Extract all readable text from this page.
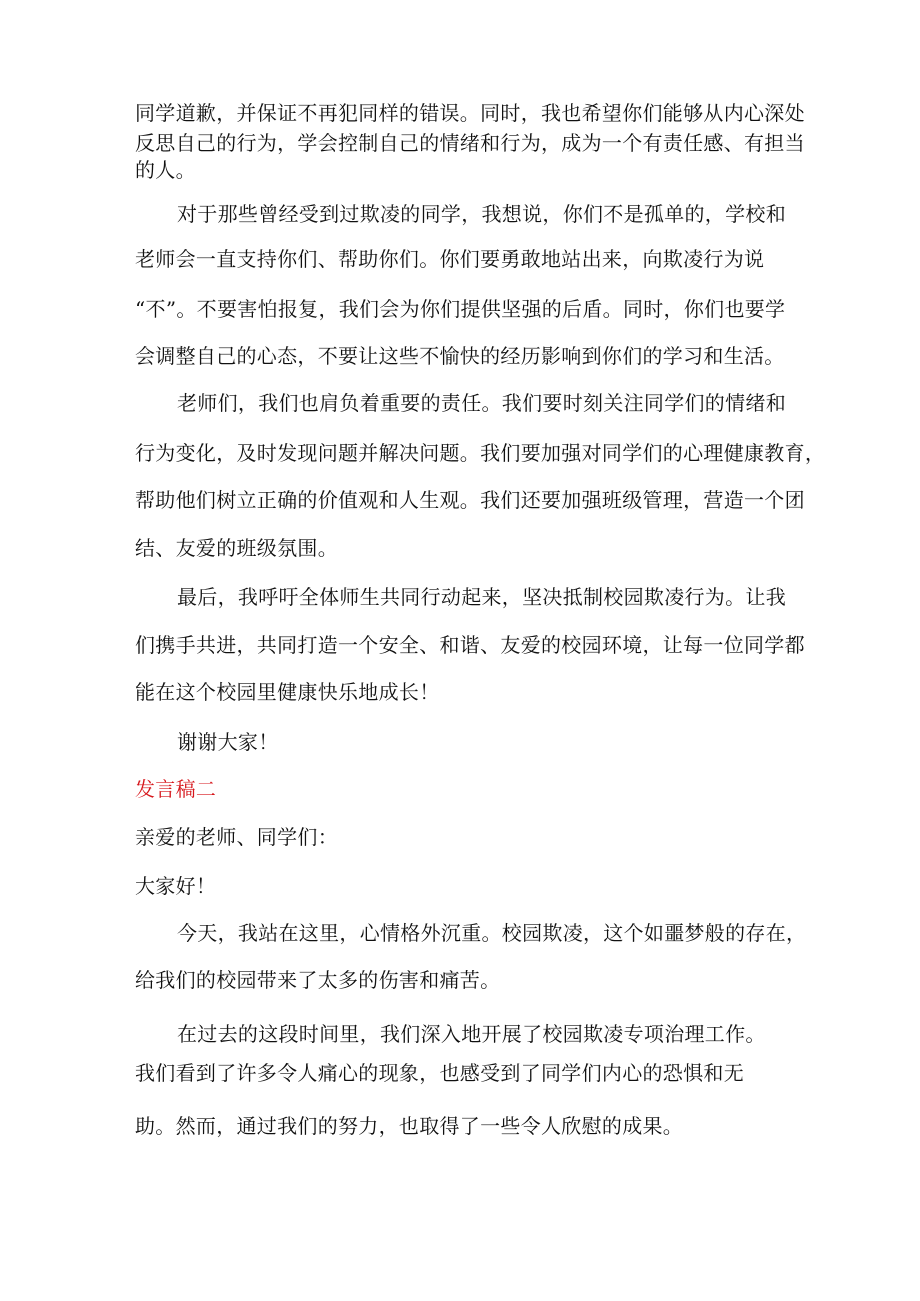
同学道歉，并保证不再犯同样的错误。同时，我也希望你们能够从内心深处
反思自己的行为，学会控制自己的情绪和行为，成为一个有责任感、有担当
的人。
对于那些曾经受到过欺凌的同学，我想说，你们不是孤单的，学校和
老师会一直支持你们、帮助你们。你们要勇敢地站出来，向欺凌行为说
“不”。不要害怕报复，我们会为你们提供坚强的后盾。同时，你们也要学
会调整自己的心态，不要让这些不愉快的经历影响到你们的学习和生活。
老师们，我们也肩负着重要的责任。我们要时刻关注同学们的情绪和
行为变化，及时发现问题并解决问题。我们要加强对同学们的心理健康教育，
帮助他们树立正确的价值观和人生观。我们还要加强班级管理，营造一个团
结、友爱的班级氛围。
最后，我呼吁全体师生共同行动起来，坚决抵制校园欺凌行为。让我
们携手共进，共同打造一个安全、和谐、友爱的校园环境，让每一位同学都
能在这个校园里健康快乐地成长！
谢谢大家！
发言稿二
亲爱的老师、同学们：
大家好！
今天，我站在这里，心情格外沉重。校园欺凌，这个如噩梦般的存在，
给我们的校园带来了太多的伤害和痛苦。
在过去的这段时间里，我们深入地开展了校园欺凌专项治理工作。
我们看到了许多令人痛心的现象，也感受到了同学们内心的恐惧和无
助。然而，通过我们的努力，也取得了一些令人欣慰的成果。
